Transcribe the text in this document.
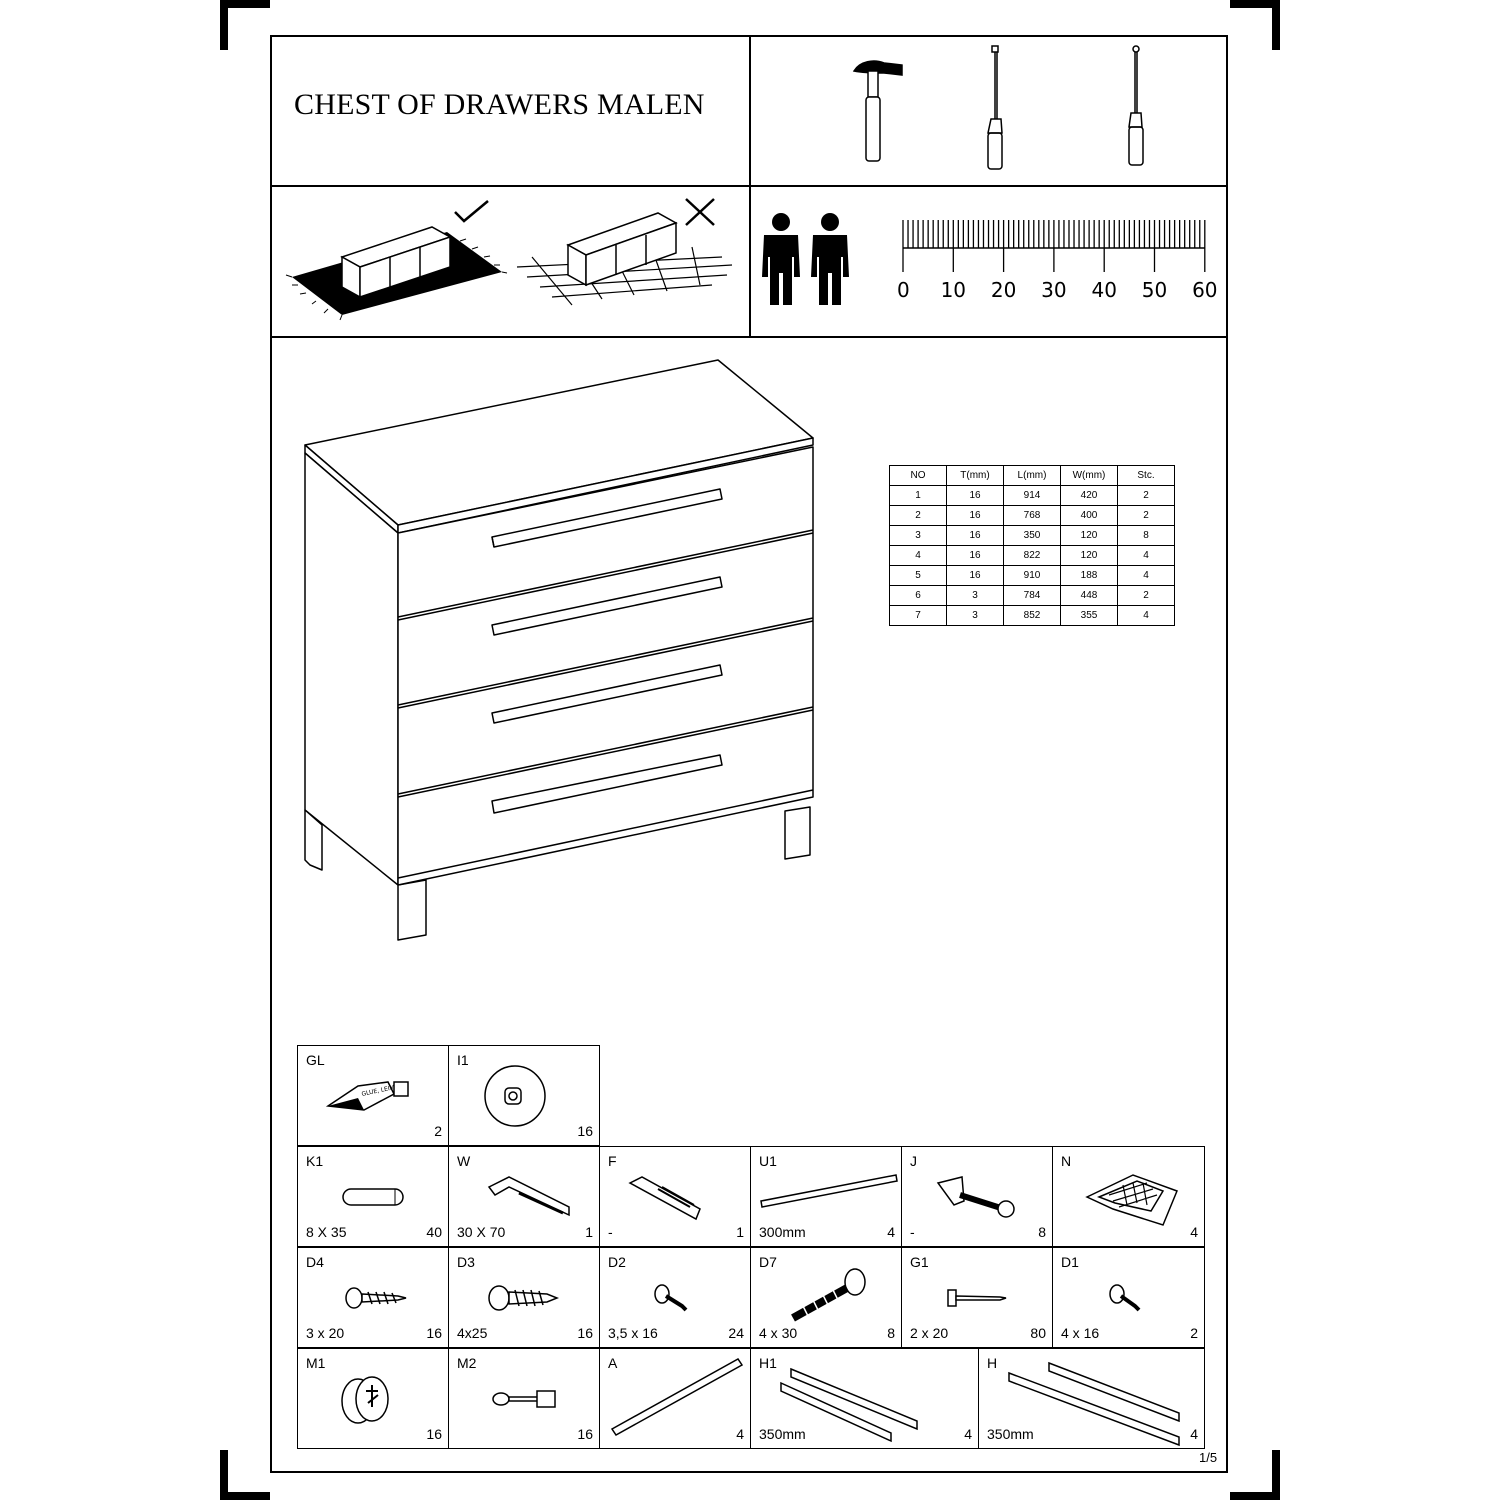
CHEST OF DRAWERS MALEN
0 10 20 30 40 50 60
NO	T(mm)	L(mm)	W(mm)	Stc.
1	16	914	420	2
2	16	768	400	2
3	16	350	120	8
4	16	822	120	4
5	16	910	188	4
6	3	784	448	2
7	3	852	355	4
GLUE, LEIM
GL
2
I1
16
K1
8 X 35	40
W
30 X 70	1
F
-	1
U1
300mm	4
J
-	8
N
4
D4
3 x 20	16
D3
4x25	16
D2
3,5 x 16	24
D7
4 x 30	8
G1
2 x 20	80
D1
4 x 16	2
M1
16
M2
16
A
4
H1
350mm	4
H
350mm	4
1/5
